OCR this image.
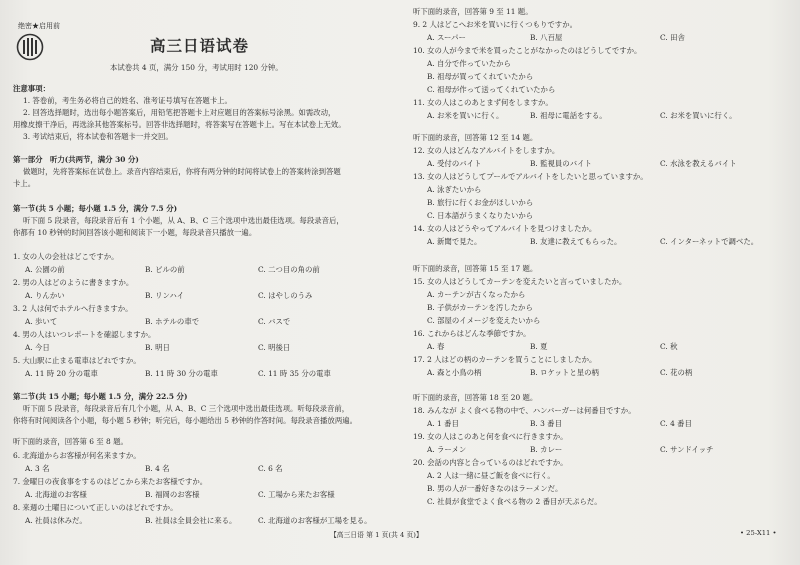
绝密★启用前
高三日语试卷
本试卷共 4 页，满分 150 分，考试用时 120 分钟。
注意事项：
1. 答卷前，考生务必将自己的姓名、准考证号填写在答题卡上。
2. 回答选择题时，选出每小题答案后，用铅笔把答题卡上对应题目的答案标号涂黑。如需改动，
用橡皮擦干净后，再选涂其他答案标号。回答非选择题时，将答案写在答题卡上。写在本试卷上无效。
3. 考试结束后，将本试卷和答题卡一并交回。
第一部分　听力(共两节，满分 30 分)
做题时，先将答案标在试卷上。录音内容结束后，你将有两分钟的时间将试卷上的答案转涂到答题
卡上。
第一节(共 5 小题；每小题 1.5 分，满分 7.5 分)
听下面 5 段录音，每段录音后有 1 个小题，从 A、B、C 三个选项中选出最佳选项。每段录音后，
你都有 10 秒钟的时间回答该小题和阅读下一小题，每段录音只播放一遍。
1. 女の人の会社はどこですか。
A. 公園の前	B. ビルの前	C. 二つ目の角の前
2. 男の人はどのように書きますか。
A. りんかい	B. リンハイ	C. はやしのうみ
3. 2 人は何でホテルへ行きますか。
A. 歩いて	B. ホテルの車で	C. バスで
4. 男の人はいつレポートを確認しますか。
A. 今日	B. 明日	C. 明後日
5. 大山駅に止まる電車はどれですか。
A. 11 時 20 分の電車	B. 11 時 30 分の電車	C. 11 時 35 分の電車
第二节(共 15 小题；每小题 1.5 分，满分 22.5 分)
听下面 5 段录音，每段录音后有几个小题，从 A、B、C 三个选项中选出最佳选项。听每段录音前，
你将有时间阅读各个小题，每小题 5 秒钟；听完后，每小题给出 5 秒钟的作答时间。每段录音播放两遍。
听下面的录音，回答第 6 至 8 题。
6. 北海道からお客様が何名来ますか。
A. 3 名	B. 4 名	C. 6 名
7. 金曜日の夜食事をするのはどこから来たお客様ですか。
A. 北海道のお客様	B. 福岡のお客様	C. 工場から来たお客様
8. 来週の土曜日について正しいのはどれですか。
A. 社員は休みだ。	B. 社員は全員会社に来る。	C. 北海道のお客様が工場を見る。
听下面的录音，回答第 9 至 11 题。
9. 2 人はどこへお米を買いに行くつもりですか。
A. スーパー	B. 八百屋	C. 田舎
10. 女の人が今まで米を買ったことがなかったのはどうしてですか。
A. 自分で作っていたから
B. 祖母が買ってくれていたから
C. 祖母が作って送ってくれていたから
11. 女の人はこのあとまず何をしますか。
A. お米を買いに行く。	B. 祖母に電話をする。	C. お米を買いに行く。
听下面的录音，回答第 12 至 14 题。
12. 女の人はどんなアルバイトをしますか。
A. 受付のバイト	B. 監視員のバイト	C. 水泳を教えるバイト
13. 女の人はどうしてプールでアルバイトをしたいと思っていますか。
A. 泳ぎたいから
B. 旅行に行くお金がほしいから
C. 日本語がうまくなりたいから
14. 女の人はどうやってアルバイトを見つけましたか。
A. 新聞で見た。	B. 友達に教えてもらった。	C. インターネットで調べた。
听下面的录音，回答第 15 至 17 题。
15. 女の人はどうしてカーテンを変えたいと言っていましたか。
A. カーテンが古くなったから
B. 子供がカーテンを汚したから
C. 部屋のイメージを変えたいから
16. これからはどんな季節ですか。
A. 春	B. 夏	C. 秋
17. 2 人はどの柄のカーテンを買うことにしましたか。
A. 森と小鳥の柄	B. ロケットと星の柄	C. 花の柄
听下面的录音，回答第 18 至 20 题。
18. みんなが よく食べる物の中で、ハンバーガーは何番目ですか。
A. 1 番目	B. 3 番目	C. 4 番目
19. 女の人はこのあと何を食べに行きますか。
A. ラーメン	B. カレー	C. サンドイッチ
20. 会話の内容と合っているのはどれですか。
A. 2 人は一緒に昼ご飯を食べに行く。
B. 男の人が一番好きなのはラーメンだ。
C. 社員が食堂でよく食べる物の 2 番目が天ぷらだ。
【高三日语 第 1 页(共 4 页)】	• 25-X11 •
